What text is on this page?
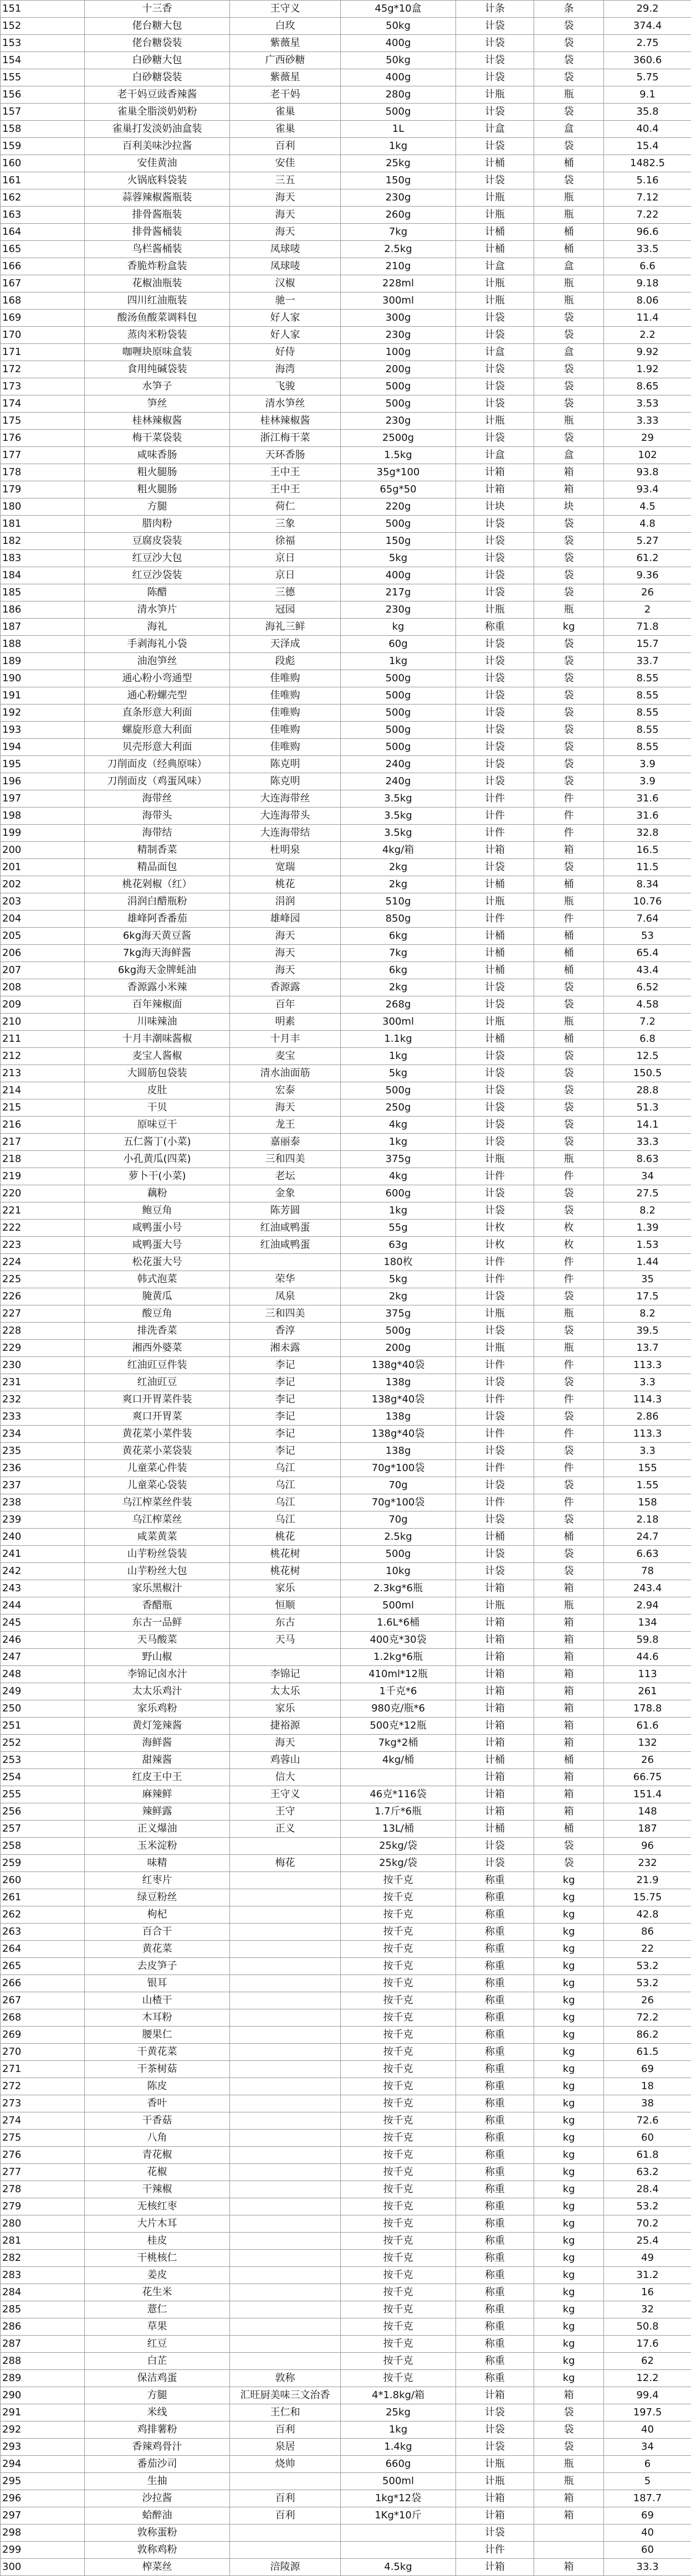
151	十三香	王守义	45g*10盒	计条	条	29.2
152	佬台糖大包	白玫	50kg	计袋	袋	374.4
153	佬台糖袋装	紫薇星	400g	计袋	袋	2.75
154	白砂糖大包	广西砂糖	50kg	计袋	袋	360.6
155	白砂糖袋装	紫薇星	400g	计袋	袋	5.75
156	老干妈豆豉香辣酱	老干妈	280g	计瓶	瓶	9.1
157	雀巢全脂淡奶奶粉	雀巢	500g	计袋	袋	35.8
158	雀巢打发淡奶油盒装	雀巢	1L	计盒	盒	40.4
159	百利美味沙拉酱	百利	1kg	计袋	袋	15.4
160	安佳黄油	安佳	25kg	计桶	桶	1482.5
161	火锅底料袋装	三五	150g	计袋	袋	5.16
162	蒜蓉辣椒酱瓶装	海天	230g	计瓶	瓶	7.12
163	排骨酱瓶装	海天	260g	计瓶	瓶	7.22
164	排骨酱桶装	海天	7kg	计桶	桶	96.6
165	鸟栏酱桶装	凤球唛	2.5kg	计桶	桶	33.5
166	香脆炸粉盒装	凤球唛	210g	计盒	盒	6.6
167	花椒油瓶装	汉椒	228ml	计瓶	瓶	9.18
168	四川红油瓶装	驰一	300ml	计瓶	瓶	8.06
169	酸汤鱼酸菜调料包	好人家	300g	计袋	袋	11.4
170	蒸肉米粉袋装	好人家	230g	计袋	袋	2.2
171	咖喱块原味盒装	好侍	100g	计盒	盒	9.92
172	食用纯碱袋装	海湾	200g	计袋	袋	1.92
173	水笋子	飞骏	500g	计袋	袋	8.65
174	笋丝	清水笋丝	500g	计袋	袋	3.53
175	桂林辣椒酱	桂林辣椒酱	230g	计瓶	瓶	3.33
176	梅干菜袋装	浙江梅干菜	2500g	计袋	袋	29
177	咸味香肠	天环香肠	1.5kg	计盒	盒	102
178	粗火腿肠	王中王	35g*100	计箱	箱	93.8
179	粗火腿肠	王中王	65g*50	计箱	箱	93.4
180	方腿	荷仁	220g	计块	块	4.5
181	腊肉粉	三象	500g	计袋	袋	4.8
182	豆腐皮袋装	徐福	150g	计袋	袋	5.27
183	红豆沙大包	京日	5kg	计袋	袋	61.2
184	红豆沙袋装	京日	400g	计袋	袋	9.36
185	陈醋	三德	217g	计袋	袋	26
186	清水笋片	冠园	230g	计瓶	瓶	2
187	海礼	海礼三鲜	kg	称重	kg	71.8
188	手剥海礼小袋	天泽成	60g	计袋	袋	15.7
189	油泡笋丝	段彪	1kg	计袋	袋	33.7
190	通心粉小弯通型	佳唯购	500g	计袋	袋	8.55
191	通心粉螺壳型	佳唯购	500g	计袋	袋	8.55
192	直条形意大利面	佳唯购	500g	计袋	袋	8.55
193	螺旋形意大利面	佳唯购	500g	计袋	袋	8.55
194	贝壳形意大利面	佳唯购	500g	计袋	袋	8.55
195	刀削面皮（经典原味）	陈克明	240g	计袋	袋	3.9
196	刀削面皮（鸡蛋风味）	陈克明	240g	计袋	袋	3.9
197	海带丝	大连海带丝	3.5kg	计件	件	31.6
198	海带头	大连海带头	3.5kg	计件	件	31.6
199	海带结	大连海带结	3.5kg	计件	件	32.8
200	精制香菜	杜明泉	4kg/箱	计箱	箱	16.5
201	精品面包	宽瑞	2kg	计袋	袋	11.5
202	桃花剁椒（红）	桃花	2kg	计桶	桶	8.34
203	涓润白醋瓶粉	涓润	510g	计瓶	瓶	10.76
204	雄峰阿香番茄	雄峰园	850g	计件	件	7.64
205	6kg海天黄豆酱	海天	6kg	计桶	桶	53
206	7kg海天海鲜酱	海天	7kg	计桶	桶	65.4
207	6kg海天金牌蚝油	海天	6kg	计桶	桶	43.4
208	香源露小米辣	香源露	2kg	计袋	袋	6.52
209	百年辣椒面	百年	268g	计袋	袋	4.58
210	川味辣油	明素	300ml	计瓶	瓶	7.2
211	十月丰潮味酱椒	十月丰	1.1kg	计桶	桶	6.8
212	麦宝人酱椒	麦宝	1kg	计袋	袋	12.5
213	大圆筋包袋装	清水油面筋	5kg	计袋	袋	150.5
214	皮肚	宏泰	500g	计袋	袋	28.8
215	干贝	海天	250g	计袋	袋	51.3
216	原味豆干	龙王	4kg	计袋	袋	14.1
217	五仁酱丁(小菜)	嘉丽泰	1kg	计袋	袋	33.3
218	小孔黄瓜(四菜)	三和四美	375g	计瓶	瓶	8.63
219	萝卜干(小菜)	老坛	4kg	计件	件	34
220	藕粉	金象	600g	计袋	袋	27.5
221	鲍豆角	陈芳圆	1kg	计袋	袋	8.2
222	咸鸭蛋小号	红油咸鸭蛋	55g	计枚	枚	1.39
223	咸鸭蛋大号	红油咸鸭蛋	63g	计枚	枚	1.53
224	松花蛋大号		180枚	计件	件	1.44
225	韩式泡菜	荣华	5kg	计件	件	35
226	腌黄瓜	凤泉	2kg	计袋	袋	17.5
227	酸豆角	三和四美	375g	计瓶	瓶	8.2
228	排洗香菜	香淳	500g	计袋	袋	39.5
229	湘西外婆菜	湘未露	200g	计瓶	瓶	13.7
230	红油豇豆件装	李记	138g*40袋	计件	件	113.3
231	红油豇豆	李记	138g	计袋	袋	3.3
232	爽口开胃菜件装	李记	138g*40袋	计件	件	114.3
233	爽口开胃菜	李记	138g	计袋	袋	2.86
234	黄花菜小菜件装	李记	138g*40袋	计件	件	113.3
235	黄花菜小菜袋装	李记	138g	计袋	袋	3.3
236	儿童菜心件装	乌江	70g*100袋	计件	件	155
237	儿童菜心袋装	乌江	70g	计袋	袋	1.55
238	乌江榨菜丝件装	乌江	70g*100袋	计件	件	158
239	乌江榨菜丝	乌江	70g	计袋	袋	2.18
240	咸菜黄菜	桃花	2.5kg	计桶	桶	24.7
241	山芋粉丝袋装	桃花树	500g	计袋	袋	6.63
242	山芋粉丝大包	桃花树	10kg	计袋	袋	78
243	家乐黑椒汁	家乐	2.3kg*6瓶	计箱	箱	243.4
244	香醋瓶	恒顺	500ml	计瓶	瓶	2.94
245	东古一品鲜	东古	1.6L*6桶	计箱	箱	134
246	天马酸菜	天马	400克*30袋	计箱	箱	59.8
247	野山椒		1.2kg*6瓶	计箱	箱	44.6
248	李锦记卤水汁	李锦记	410ml*12瓶	计箱	箱	113
249	太太乐鸡汁	太太乐	1千克*6	计箱	箱	261
250	家乐鸡粉	家乐	980克/瓶*6	计箱	箱	178.8
251	黄灯笼辣酱	捷裕源	500克*12瓶	计箱	箱	61.6
252	海鲜酱	海天	7kg*2桶	计箱	箱	132
253	甜辣酱	鸡蓉山	4kg/桶	计桶	桶	26
254	红皮王中王	信大		计箱	箱	66.75
255	麻辣鲜	王守义	46克*116袋	计箱	箱	151.4
256	辣鲜露	王守	1.7斤*6瓶	计箱	箱	148
257	正义爆油	正义	13L/桶	计桶	桶	187
258	玉米淀粉		25kg/袋	计袋	袋	96
259	味精	梅花	25kg/袋	计袋	袋	232
260	红枣片		按千克	称重	kg	21.9
261	绿豆粉丝		按千克	称重	kg	15.75
262	枸杞		按千克	称重	kg	42.8
263	百合干		按千克	称重	kg	86
264	黄花菜		按千克	称重	kg	22
265	去皮笋子		按千克	称重	kg	53.2
266	银耳		按千克	称重	kg	53.2
267	山楂干		按千克	称重	kg	26
268	木耳粉		按千克	称重	kg	72.2
269	腰果仁		按千克	称重	kg	86.2
270	干黄花菜		按千克	称重	kg	61.5
271	干茶树菇		按千克	称重	kg	69
272	陈皮		按千克	称重	kg	18
273	香叶		按千克	称重	kg	38
274	干香菇		按千克	称重	kg	72.6
275	八角		按千克	称重	kg	60
276	青花椒		按千克	称重	kg	61.8
277	花椒		按千克	称重	kg	63.2
278	干辣椒		按千克	称重	kg	28.4
279	无核红枣		按千克	称重	kg	53.2
280	大片木耳		按千克	称重	kg	70.2
281	桂皮		按千克	称重	kg	25.4
282	干桃核仁		按千克	称重	kg	49
283	姜皮		按千克	称重	kg	31.2
284	花生米		按千克	称重	kg	16
285	薏仁		按千克	称重	kg	32
286	草果		按千克	称重	kg	50.8
287	红豆		按千克	称重	kg	17.6
288	白芷		按千克	称重	kg	62
289	保洁鸡蛋	敦称	按千克	称重	kg	12.2
290	方腿	汇旺厨美味三文治香	4*1.8kg/箱	计箱	箱	99.4
291	米线	王仁和	25kg	计袋	袋	197.5
292	鸡排薯粉	百利	1kg	计袋	袋	40
293	香辣鸡骨汁	泉居	1.4kg	计袋	袋	34
294	番茄沙司	烧帅	660g	计瓶	瓶	6
295	生抽		500ml	计瓶	瓶	5
296	沙拉酱	百利	1kg*12袋	计箱	箱	187.7
297	蛤醉油	百利	1Kg*10斤	计箱	箱	69
298	敦称蛋粉			计袋		40
299	敦称鸡粉			计件		60
300	榨菜丝	涪陵源	4.5kg	计箱	箱	33.3
